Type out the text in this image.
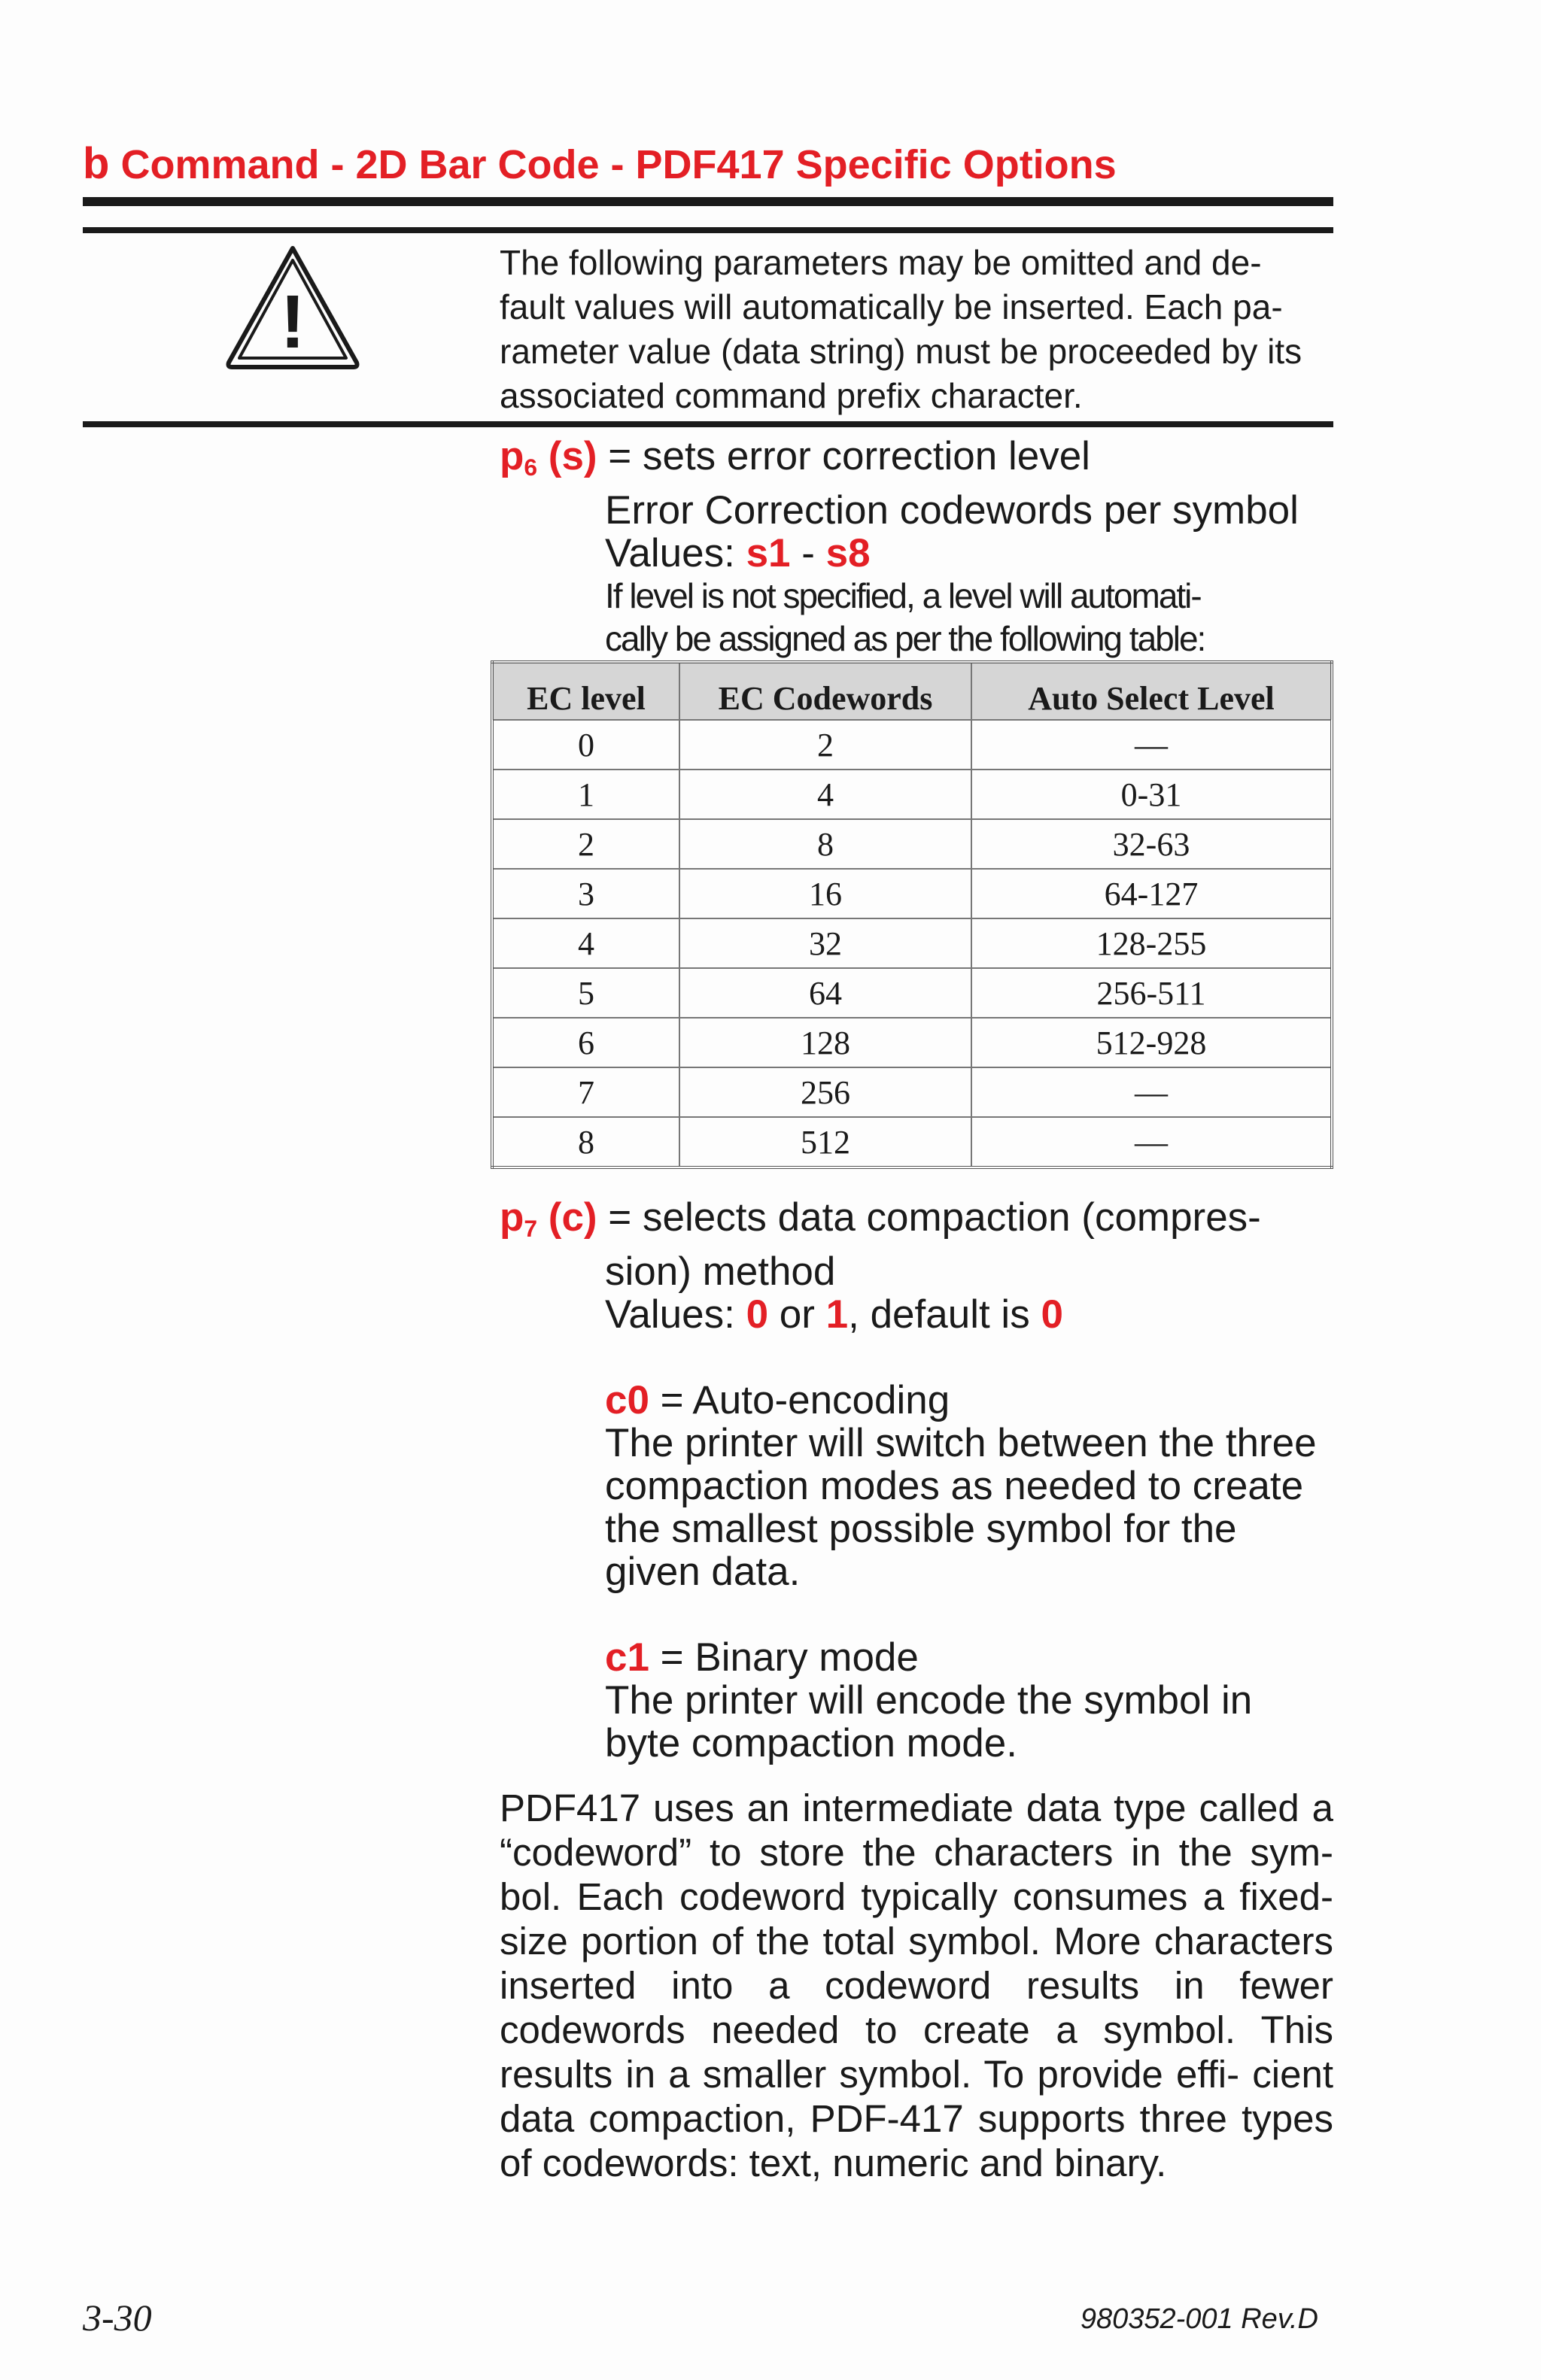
b Command - 2D Bar Code - PDF417 Specific Options
!

The following parameters may be omitted and de-
fault values will automatically be inserted. Each pa-
rameter value (data string) must be proceeded by its
associated command prefix character.

$p_6$ (s) = sets error correction level
Error Correction codewords per symbol
Values: s1 - s8
If level is not specified, a level will automati-
cally be assigned as per the following table:
EC level	EC Codewords	Auto Select Level
0	2	—
1	4	0-31
2	8	32-63
3	16	64-127
4	32	128-255
5	64	256-511
6	128	512-928
7	256	—
8	512	—
$p_7$ (c) = selects data compaction (compres-
sion) method
Values: 0 or 1, default is 0

c0 = Auto-encoding
The printer will switch between the three
compaction modes as needed to create
the smallest possible symbol for the
given data.

c1 = Binary mode
The printer will encode the symbol in
byte compaction mode.

PDF417 uses an intermediate data type called a “codeword” to store the characters in the sym- bol. Each codeword typically consumes a fixed-size portion of the total symbol. More characters inserted into a codeword results in fewer codewords needed to create a symbol. This results in a smaller symbol. To provide effi- cient data compaction, PDF-417 supports three types of codewords: text, numeric and binary.

3-30	980352-001 Rev.D
